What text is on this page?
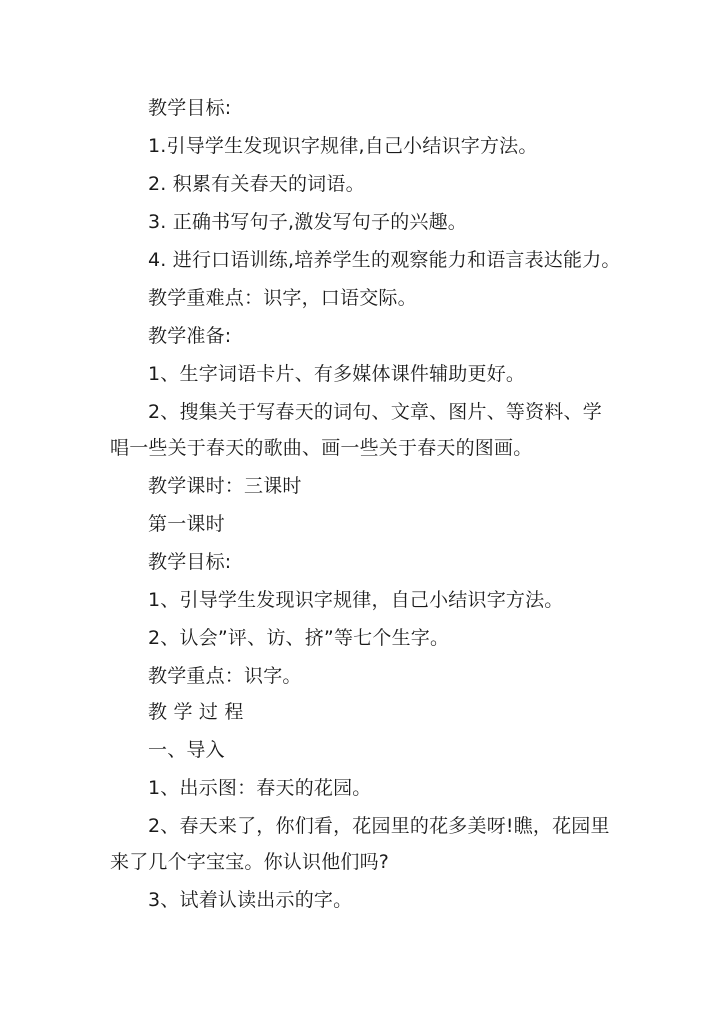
教学目标:
1.引导学生发现识字规律,自己小结识字方法。
2. 积累有关春天的词语。
3. 正确书写句子,激发写句子的兴趣。
4. 进行口语训练,培养学生的观察能力和语言表达能力。
教学重难点：识字，口语交际。
教学准备:
1、生字词语卡片、有多媒体课件辅助更好。
2、搜集关于写春天的词句、文章、图片、等资料、学
唱一些关于春天的歌曲、画一些关于春天的图画。
教学课时：三课时
第一课时
教学目标:
1、引导学生发现识字规律，自己小结识字方法。
2、认会”评、访、挤”等七个生字。
教学重点：识字。
教 学 过 程
一、导入
1、出示图：春天的花园。
2、春天来了，你们看，花园里的花多美呀!瞧，花园里
来了几个字宝宝。你认识他们吗?
3、试着认读出示的字。
